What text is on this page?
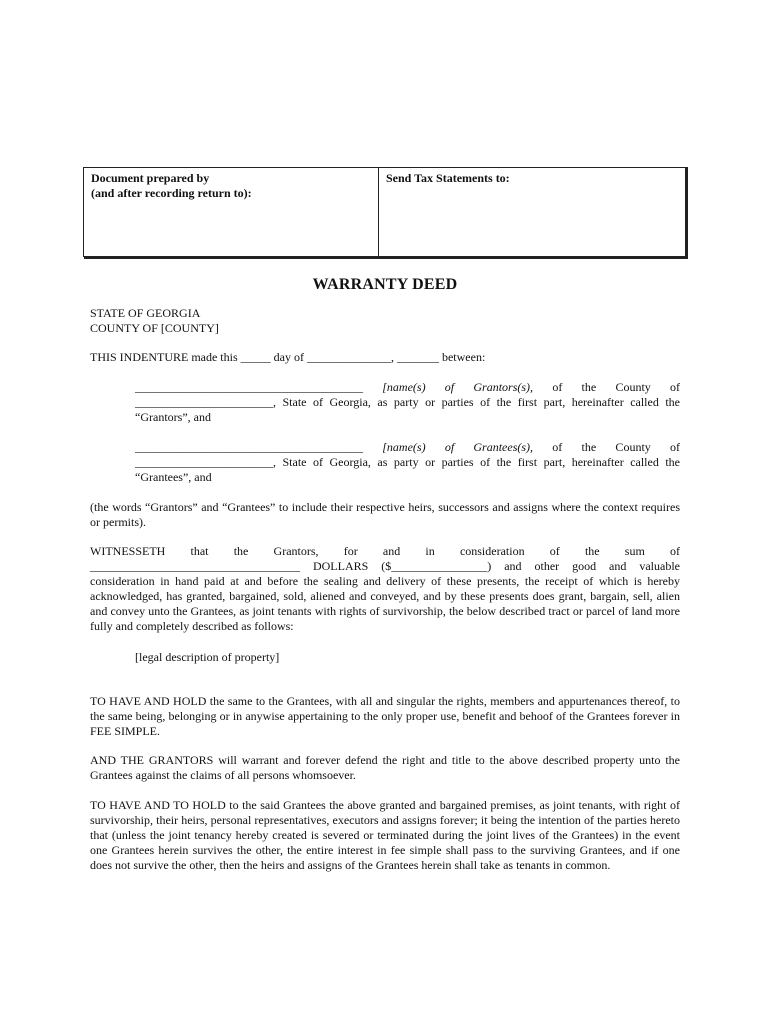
Document prepared by
(and after recording return to):
Send Tax Statements to:
WARRANTY DEED

STATE OF GEORGIA

COUNTY OF [COUNTY]

THIS INDENTURE made this _____ day of ______________, _______ between:

______________________________________ [name(s) of Grantors(s), of the County of

_______________________, State of Georgia, as party or parties of the first part, hereinafter called the

“Grantors”, and

______________________________________ [name(s) of Grantees(s), of the County of

_______________________, State of Georgia, as party or parties of the first part, hereinafter called the

“Grantees”, and

(the words “Grantors” and “Grantees” to include their respective heirs, successors and assigns where the context requires or permits).

WITNESSETH that the Grantors, for and in consideration of the sum of

___________________________________ DOLLARS ($________________) and other good and valuable

consideration in hand paid at and before the sealing and delivery of these presents, the receipt of which is hereby acknowledged, has granted, bargained, sold, aliened and conveyed, and by these presents does grant, bargain, sell, alien and convey unto the Grantees, as joint tenants with rights of survivorship, the below described tract or parcel of land more fully and completely described as follows:

[legal description of property]
TO HAVE AND HOLD the same to the Grantees, with all and singular the rights, members and appurtenances thereof, to the same being, belonging or in anywise appertaining to the only proper use, benefit and behoof of the Grantees forever in FEE SIMPLE.
AND THE GRANTORS will warrant and forever defend the right and title to the above described property unto the Grantees against the claims of all persons whomsoever.
TO HAVE AND TO HOLD to the said Grantees the above granted and bargained premises, as joint tenants, with right of survivorship, their heirs, personal representatives, executors and assigns forever; it being the intention of the parties hereto that (unless the joint tenancy hereby created is severed or terminated during the joint lives of the Grantees) in the event one Grantees herein survives the other, the entire interest in fee simple shall pass to the surviving Grantees, and if one does not survive the other, then the heirs and assigns of the Grantees herein shall take as tenants in common.
